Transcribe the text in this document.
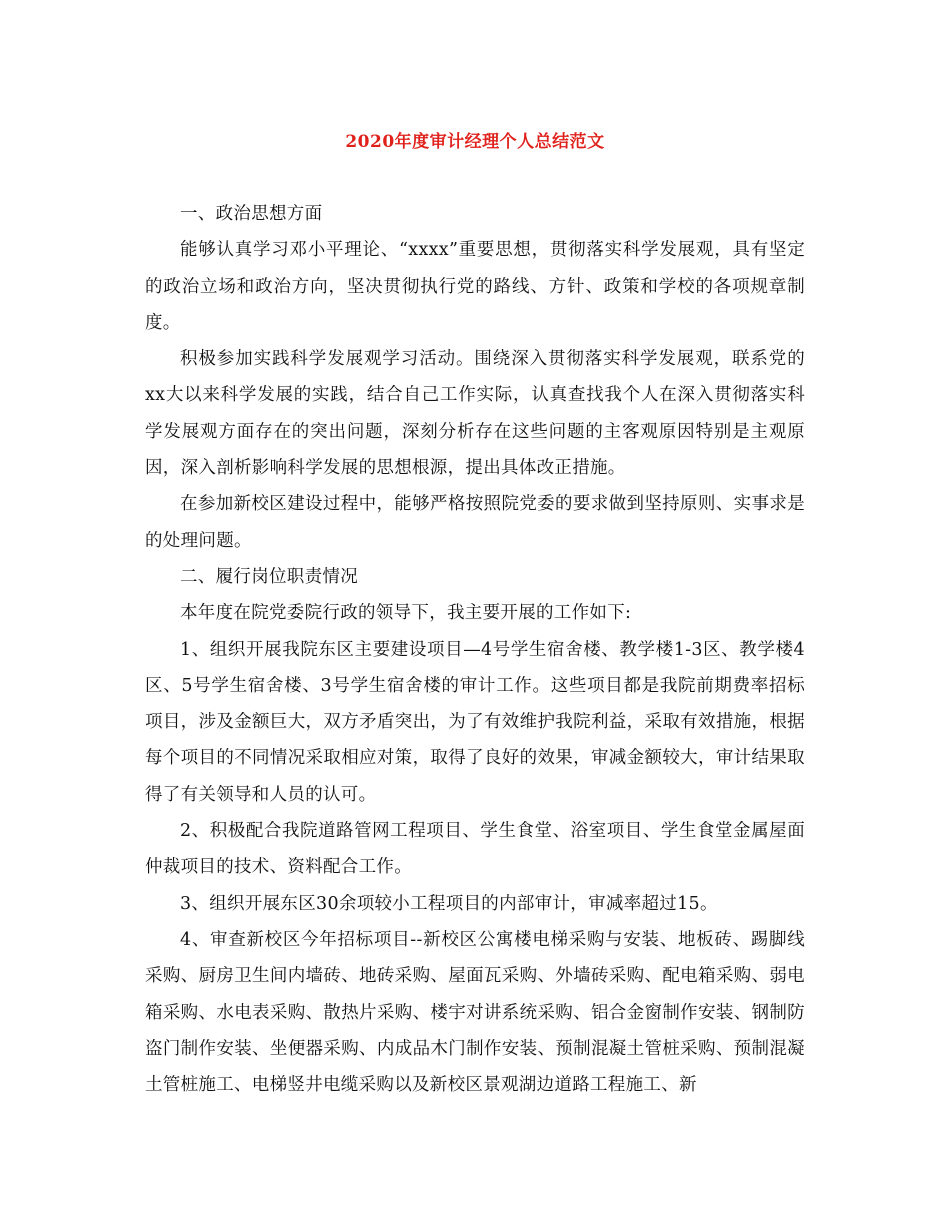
2020年度审计经理个人总结范文

一、政治思想方面

能够认真学习邓小平理论、“xxxx”重要思想，贯彻落实科学发展观，具有坚定的政治立场和政治方向，坚决贯彻执行党的路线、方针、政策和学校的各项规章制度。

积极参加实践科学发展观学习活动。围绕深入贯彻落实科学发展观，联系党的xx大以来科学发展的实践，结合自己工作实际，认真查找我个人在深入贯彻落实科学发展观方面存在的突出问题，深刻分析存在这些问题的主客观原因特别是主观原因，深入剖析影响科学发展的思想根源，提出具体改正措施。

在参加新校区建设过程中，能够严格按照院党委的要求做到坚持原则、实事求是的处理问题。

二、履行岗位职责情况

本年度在院党委院行政的领导下，我主要开展的工作如下:

1、组织开展我院东区主要建设项目—4号学生宿舍楼、教学楼1-3区、教学楼4区、5号学生宿舍楼、3号学生宿舍楼的审计工作。这些项目都是我院前期费率招标项目，涉及金额巨大，双方矛盾突出，为了有效维护我院利益，采取有效措施，根据每个项目的不同情况采取相应对策，取得了良好的效果，审减金额较大，审计结果取得了有关领导和人员的认可。

2、积极配合我院道路管网工程项目、学生食堂、浴室项目、学生食堂金属屋面仲裁项目的技术、资料配合工作。

3、组织开展东区30余项较小工程项目的内部审计，审减率超过15。

4、审查新校区今年招标项目--新校区公寓楼电梯采购与安装、地板砖、踢脚线采购、厨房卫生间内墙砖、地砖采购、屋面瓦采购、外墙砖采购、配电箱采购、弱电箱采购、水电表采购、散热片采购、楼宇对讲系统采购、铝合金窗制作安装、钢制防盗门制作安装、坐便器采购、内成品木门制作安装、预制混凝土管桩采购、预制混凝土管桩施工、电梯竖井电缆采购以及新校区景观湖边道路工程施工、新
